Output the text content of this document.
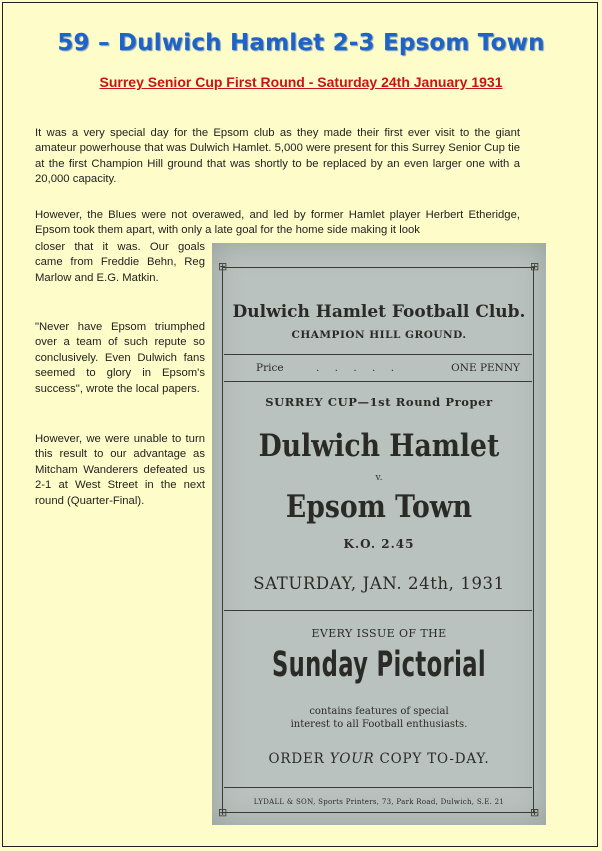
59 – Dulwich Hamlet 2-3 Epsom Town

Surrey Senior Cup First Round - Saturday 24th January 1931

It was a very special day for the Epsom club as they made their first ever visit to the giant amateur powerhouse that was Dulwich Hamlet. 5,000 were present for this Surrey Senior Cup tie at the first Champion Hill ground that was shortly to be replaced by an even larger one with a 20,000 capacity.

However, the Blues were not overawed, and led by former Hamlet player Herbert Etheridge, Epsom took them apart, with only a late goal for the home side making it look

closer that it was. Our goals came from Freddie Behn, Reg Marlow and E.G. Matkin.

"Never have Epsom triumphed over a team of such repute so conclusively. Even Dulwich fans seemed to glory in Epsom's success", wrote the local papers.

However, we were unable to turn this result to our advantage as Mitcham Wanderers defeated us 2-1 at West Street in the next round (Quarter-Final).

⊞	⊞
⊞	⊞

Dulwich Hamlet Football Club.

CHAMPION HILL GROUND.

Price	. . . . .	ONE PENNY

SURREY CUP—1st Round Proper

Dulwich Hamlet

v.

Epsom Town

K.O. 2.45

SATURDAY, JAN. 24th, 1931

EVERY ISSUE OF THE

Sunday Pictorial

contains features of special
interest to all Football enthusiasts.

ORDER YOUR COPY TO-DAY.

LYDALL & SON, Sports Printers, 73, Park Road, Dulwich, S.E. 21
